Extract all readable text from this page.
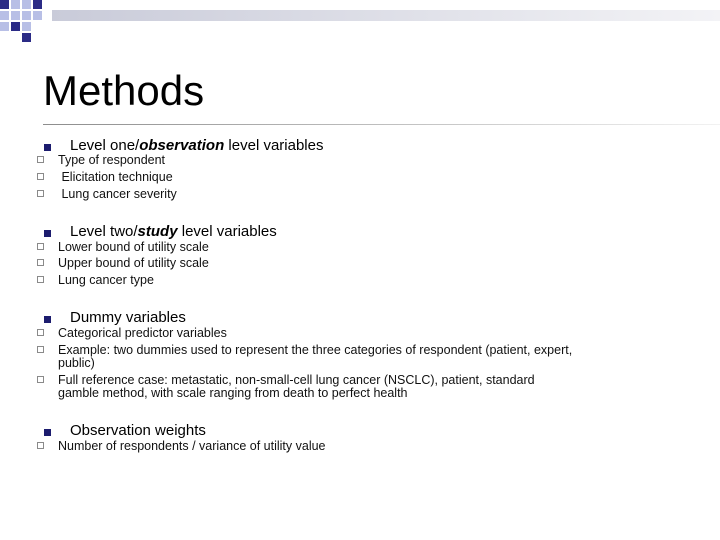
Methods
Level one/observation level variables
Type of respondent
Elicitation technique
Lung cancer severity
Level two/study level variables
Lower bound of utility scale
Upper bound of utility scale
Lung cancer type
Dummy variables
Categorical predictor variables
Example: two dummies used to represent the three categories of respondent (patient, expert,
public)
Full reference case: metastatic, non-small-cell lung cancer (NSCLC), patient, standard
gamble method, with scale ranging from death to perfect health
Observation weights
Number of respondents / variance of utility value
